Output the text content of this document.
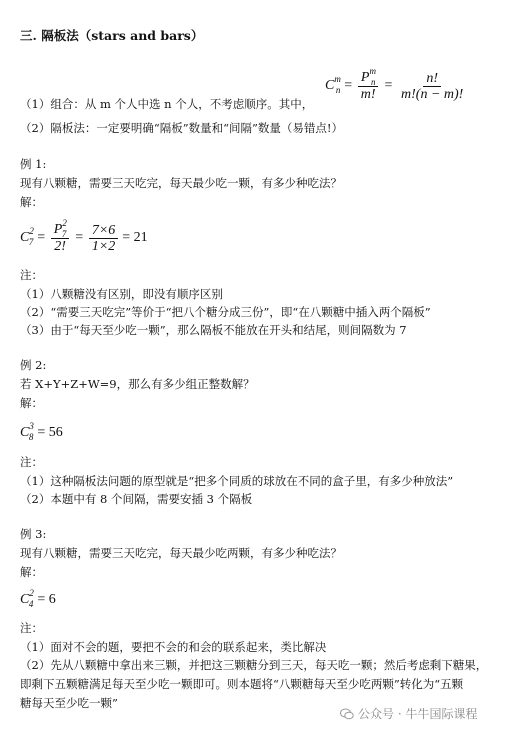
三. 隔板法（stars and bars）
C m
$n = \frac{P^m_n}{m!} = \frac{n!}{m!(n - m)!}$
（1）组合：从 m 个人中选 n 个人，不考虑顺序。其中，
（2）隔板法：一定要明确“隔板”数量和“间隔”数量（易错点!）
例 1:
现有八颗糖，需要三天吃完，每天最少吃一颗，有多少种吃法？
解：
C 2
$7 = \frac{P^2_7}{2!} = \frac{7\times 6}{1\times 2} = 21$
注：
（1）八颗糖没有区别，即没有顺序区别
（2）“需要三天吃完”等价于“把八个糖分成三份”，即“在八颗糖中插入两个隔板”
（3）由于“每天至少吃一颗”，那么隔板不能放在开头和结尾，则间隔数为 7
例 2:
若 X+Y+Z+W=9，那么有多少组正整数解？
解：
C 3
8 = 56
注：
（1）这种隔板法问题的原型就是“把多个同质的球放在不同的盒子里，有多少种放法”
（2）本题中有 8 个间隔，需要安插 3 个隔板
例 3:
现有八颗糖，需要三天吃完，每天最少吃两颗，有多少种吃法？
解：
C 2
4 = 6
注：
（1）面对不会的题，要把不会的和会的联系起来，类比解决
（2）先从八颗糖中拿出来三颗，并把这三颗糖分到三天，每天吃一颗；然后考虑剩下糖果，
即剩下五颗糖满足每天至少吃一颗即可。则本题将“八颗糖每天至少吃两颗”转化为“五颗
糖每天至少吃一颗”
公众号 · 牛牛国际课程
